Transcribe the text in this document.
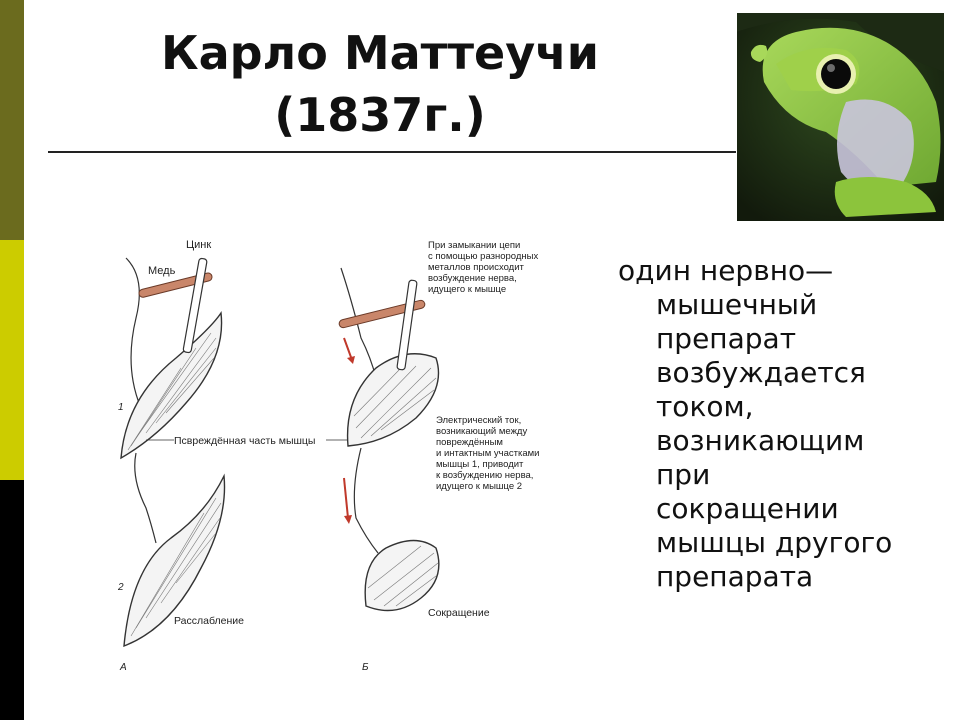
Карло Маттеучи
(1837г.)
Цинк
Медь
Псвреждённая часть мышцы
Расслабление
2
1
А
Сокращение
Б
При замыкании цепи
с помощью разнородных
металлов происходит
возбуждение нерва,
идущего к мышце
Электрический ток,
возникающий между
повреждённым
и интактным участками
мышцы 1, приводит
к возбуждению нерва,
идущего к мышце 2
один нервно—
мышечный
препарат
возбуждается
током,
возникающим
при
сокращении
мышцы другого
препарата
